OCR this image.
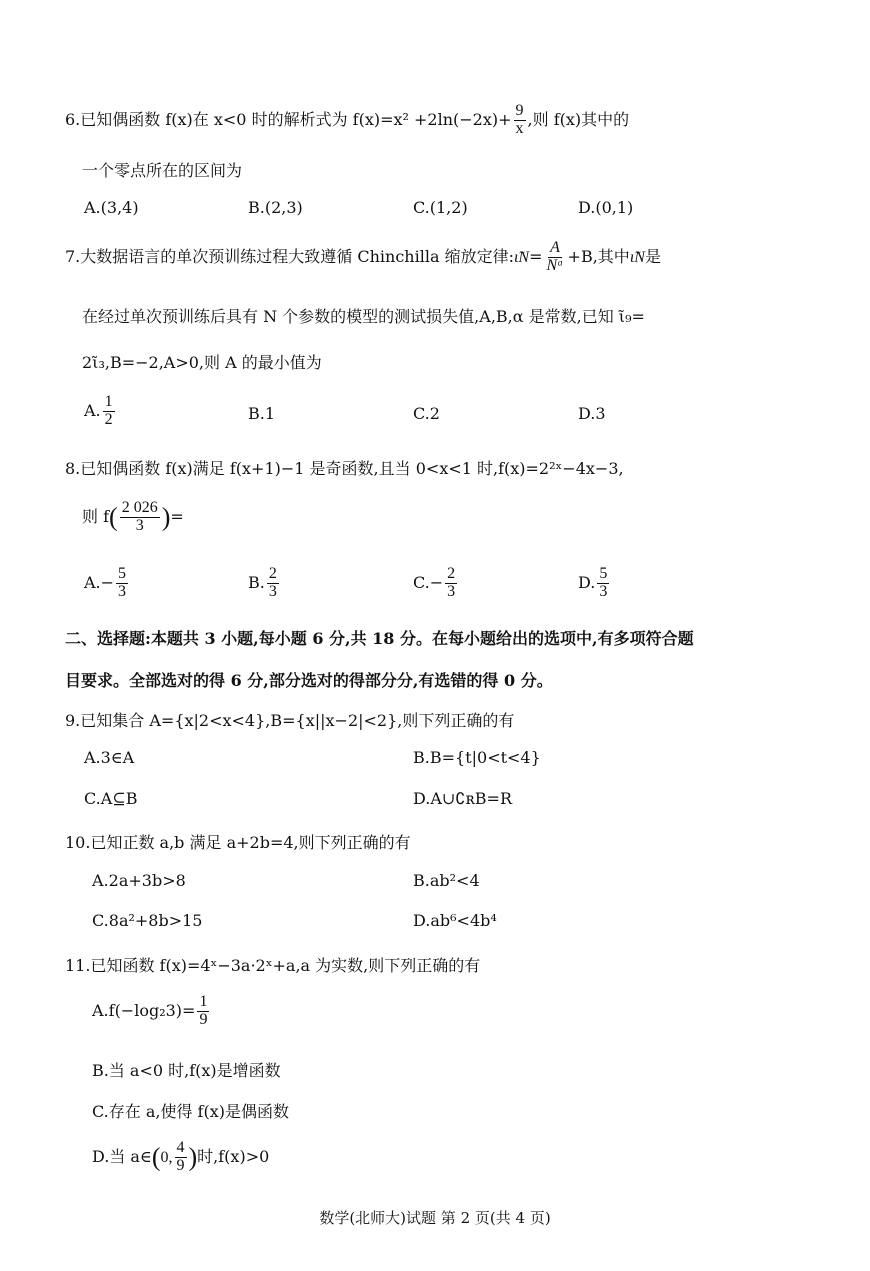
6.已知偶函数 f(x)在 x<0 时的解析式为 $f(x)=x^2 +2\ln(-2x)+ \frac{9}{x}$ ,则 f(x)其中的
一个零点所在的区间为
A.(3,4)	B.(2,3)	C.(1,2)	D.(0,1)
7.大数据语言的单次预训练过程大致遵循 Chinchilla 缩放定律:ι̃N= $\frac{A}{\text{Nᵅ}} +B$,其中ι̃N是
在经过单次预训练后具有 N 个参数的模型的测试损失值,A,B,α 是常数,已知 ι̃₉=
2ι̃₃,B=−2,A>0,则 A 的最小值为
A. $\frac{1}{2}$	B.1	C.2	D.3
8.已知偶函数 f(x)满足 f(x+1)−1 是奇函数,且当 0<x<1 时,f(x)=2²ˣ−4x−3,
则 $f( \frac{2 026}{3}$ )=
$A.- \frac{5}{3}$	B. $\frac{2}{3}$	$C.- \frac{2}{3}$	D. $\frac{5}{3}$
二、选择题:本题共 3 小题,每小题 6 分,共 18 分。在每小题给出的选项中,有多项符合题
目要求。全部选对的得 6 分,部分选对的得部分分,有选错的得 0 分。
9.已知集合 A={x|2<x<4},B={x||x−2|<2},则下列正确的有
A.3∈A	B.B={t|0<t<4}
C.A⊆B	D.A∪∁ʀB=R
10.已知正数 a,b 满足 a+2b=4,则下列正确的有
A.2a+3b>8	B.ab²<4
C.8a²+8b>15	D.ab⁶<4b⁴
11.已知函数 f(x)=4ˣ−3a·2ˣ+a,a 为实数,则下列正确的有
$A.f(-\log_23)= \frac{1}{9}$
B.当 a<0 时,f(x)是增函数
C.存在 a,使得 f(x)是偶函数
D.当 a∈(0, $\frac{4}{9}$ )时,f(x)>0
数学(北师大)试题 第 2 页(共 4 页)
